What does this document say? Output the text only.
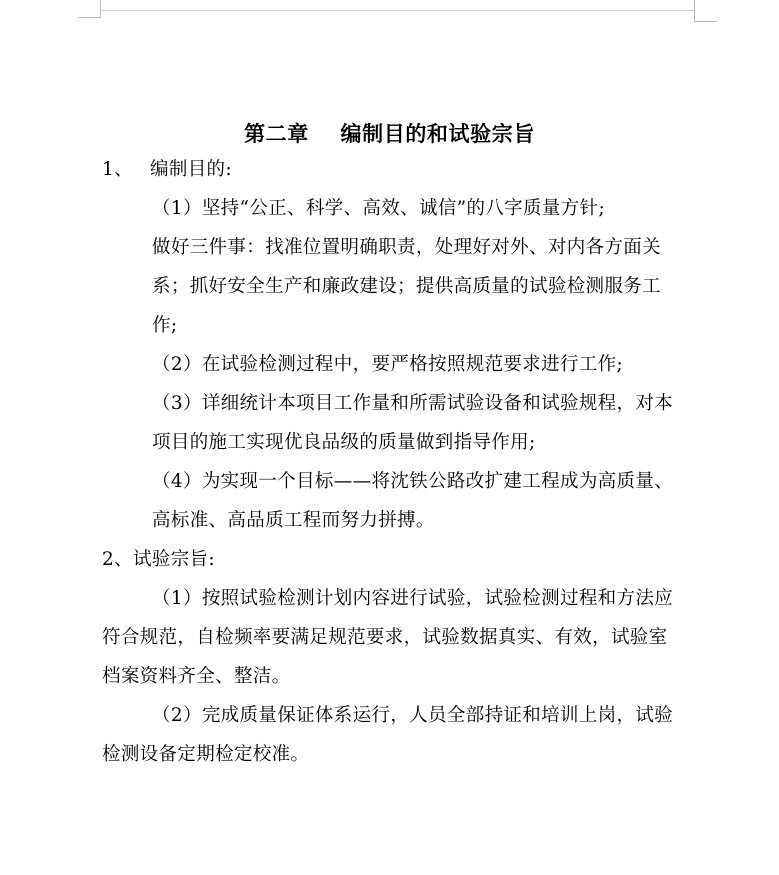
第二章    编制目的和试验宗旨
1、 编制目的:
（1）坚持“公正、科学、高效、诚信”的八字质量方针;
做好三件事：找准位置明确职责，处理好对外、对内各方面关
系；抓好安全生产和廉政建设；提供高质量的试验检测服务工
作;
（2）在试验检测过程中，要严格按照规范要求进行工作;
（3）详细统计本项目工作量和所需试验设备和试验规程，对本
项目的施工实现优良品级的质量做到指导作用;
（4）为实现一个目标——将沈铁公路改扩建工程成为高质量、
高标准、高品质工程而努力拼搏。
2、试验宗旨:
（1）按照试验检测计划内容进行试验，试验检测过程和方法应
符合规范，自检频率要满足规范要求，试验数据真实、有效，试验室
档案资料齐全、整洁。
（2）完成质量保证体系运行，人员全部持证和培训上岗，试验
检测设备定期检定校准。
